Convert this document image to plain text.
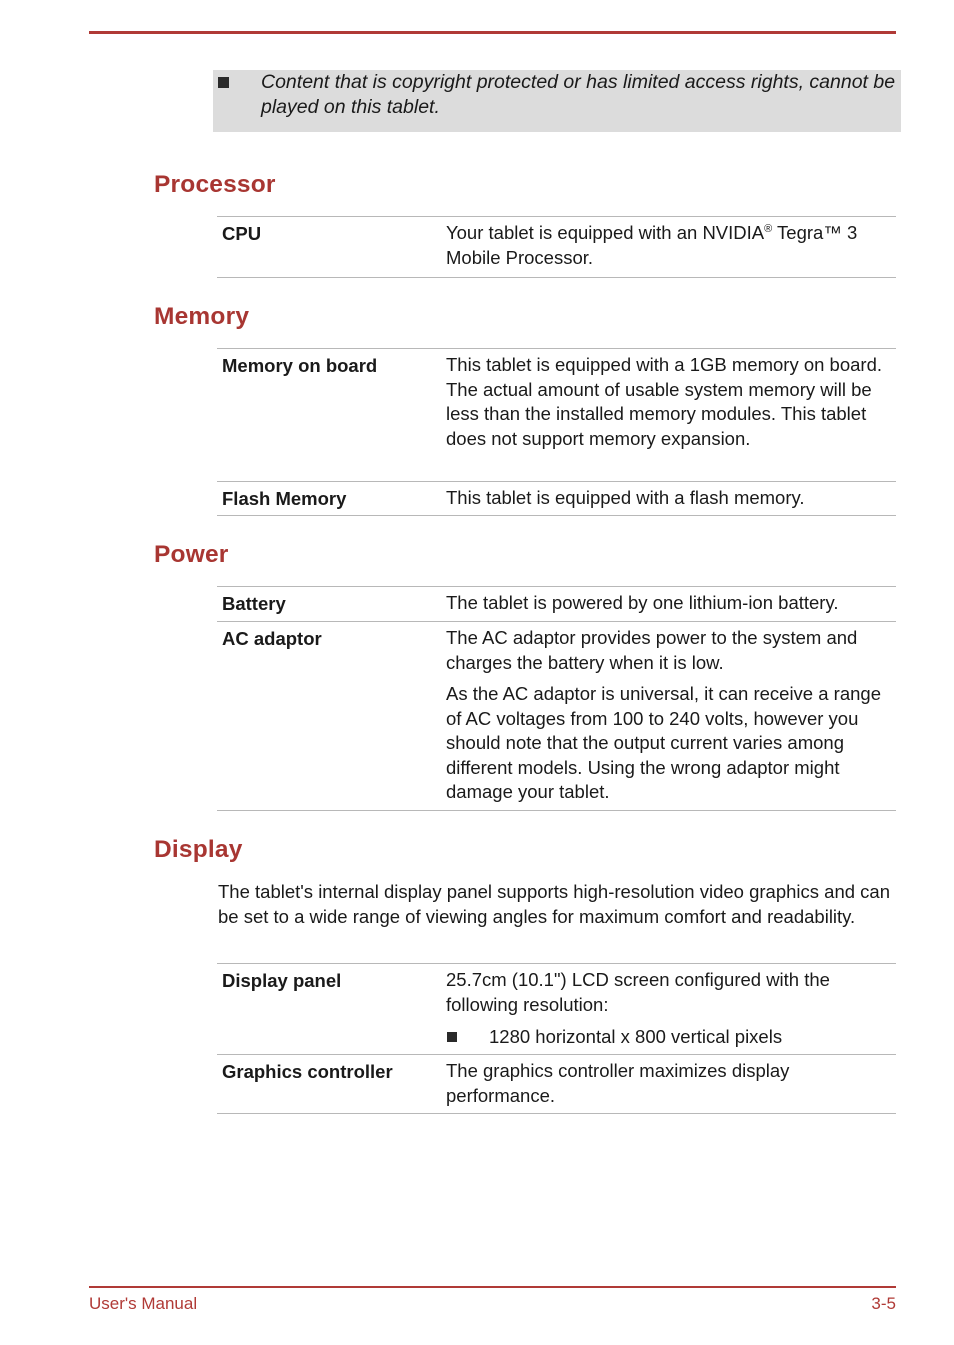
Content that is copyright protected or has limited access rights, cannot be played on this tablet.
Processor
CPU	Your tablet is equipped with an NVIDIA® Tegra™ 3 Mobile Processor.
Memory
Memory on board	This tablet is equipped with a 1GB memory on board. The actual amount of usable system memory will be less than the installed memory modules. This tablet does not support memory expansion.
Flash Memory	This tablet is equipped with a flash memory.
Power
Battery	The tablet is powered by one lithium-ion battery.
AC adaptor	The AC adaptor provides power to the system and charges the battery when it is low.

As the AC adaptor is universal, it can receive a range of AC voltages from 100 to 240 volts, however you should note that the output current varies among different models. Using the wrong adaptor might damage your tablet.

Display

The tablet's internal display panel supports high-resolution video graphics and can be set to a wide range of viewing angles for maximum comfort and readability.

Display panel	25.7cm (10.1") LCD screen configured with the following resolution:

1280 horizontal x 800 vertical pixels
Graphics controller	The graphics controller maximizes display performance.
User's Manual	3-5
